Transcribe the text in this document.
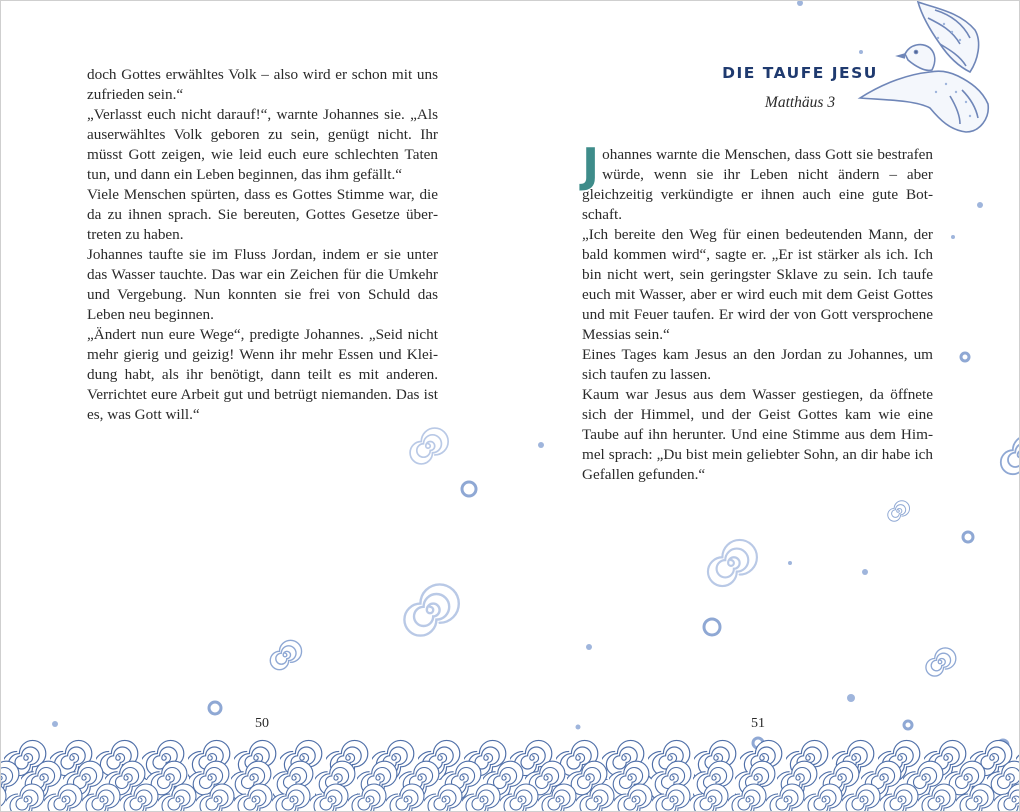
doch Gottes erwähltes Volk – also wird er schon mit uns zufrieden sein.“

„Verlasst euch nicht darauf!“, warnte Johannes sie. „Als auserwähltes Volk geboren zu sein, genügt nicht. Ihr müsst Gott zeigen, wie leid euch eure schlechten Taten tun, und dann ein Leben beginnen, das ihm gefällt.“

Viele Menschen spürten, dass es Gottes Stimme war, die da zu ihnen sprach. Sie bereuten, Gottes Gesetze übertreten zu haben.

Johannes taufte sie im Fluss Jordan, indem er sie unter das Wasser tauchte. Das war ein Zeichen für die Umkehr und Vergebung. Nun konnten sie frei von Schuld das Leben neu beginnen.

„Ändert nun eure Wege“, predigte Johannes. „Seid nicht mehr gierig und geizig! Wenn ihr mehr Essen und Kleidung habt, als ihr benötigt, dann teilt es mit anderen. Verrichtet eure Arbeit gut und betrügt niemanden. Das ist es, was Gott will.“

50
DIE TAUFE JESU
Matthäus 3

Johannes warnte die Menschen, dass Gott sie bestrafen würde, wenn sie ihr Leben nicht ändern – aber gleichzeitig verkündigte er ihnen auch eine gute Botschaft.

„Ich bereite den Weg für einen bedeutenden Mann, der bald kommen wird“, sagte er. „Er ist stärker als ich. Ich bin nicht wert, sein geringster Sklave zu sein. Ich taufe euch mit Wasser, aber er wird euch mit dem Geist Gottes und mit Feuer taufen. Er wird der von Gott versprochene Messias sein.“

Eines Tages kam Jesus an den Jordan zu Johannes, um sich taufen zu lassen.

Kaum war Jesus aus dem Wasser gestiegen, da öffnete sich der Himmel, und der Geist Gottes kam wie eine Taube auf ihn herunter. Und eine Stimme aus dem Himmel sprach: „Du bist mein geliebter Sohn, an dir habe ich Gefallen gefunden.“

51
